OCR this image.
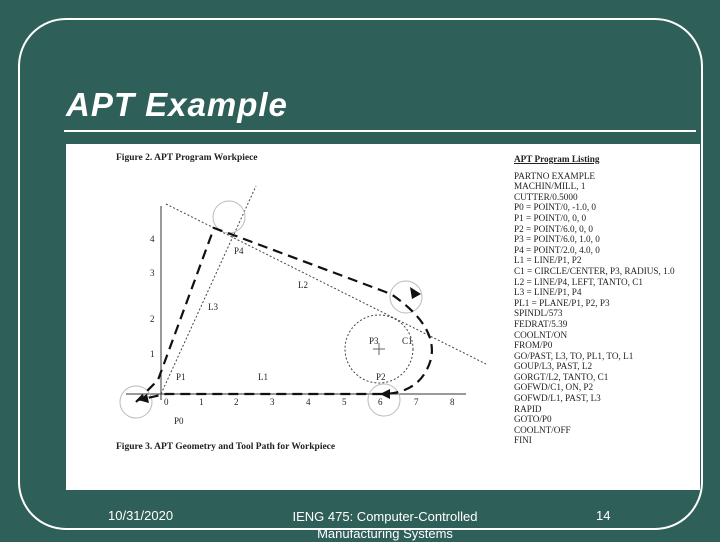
APT Example
Figure 2. APT Program Workpiece
Figure 3. APT Geometry and Tool Path for Workpiece
0	1	2	3	4	5	6	7	8
1
2
3
4
P0
P1	P2
P3
P4
L1
L2
L3
C1
APT Program Listing
PARTNO EXAMPLE
MACHIN/MILL, 1
CUTTER/0.5000
P0 = POINT/0, -1.0, 0
P1 = POINT/0, 0, 0
P2 = POINT/6.0, 0, 0
P3 = POINT/6.0, 1.0, 0
P4 = POINT/2.0, 4.0, 0
L1 = LINE/P1, P2
C1 = CIRCLE/CENTER, P3, RADIUS, 1.0
L2 = LINE/P4, LEFT, TANTO, C1
L3 = LINE/P1, P4
PL1 = PLANE/P1, P2, P3
SPINDL/573
FEDRAT/5.39
COOLNT/ON
FROM/P0
GO/PAST, L3, TO, PL1, TO, L1
GOUP/L3, PAST, L2
GORGT/L2, TANTO, C1
GOFWD/C1, ON, P2
GOFWD/L1, PAST, L3
RAPID
GOTO/P0
COOLNT/OFF
FINI
10/31/2020	IENG 475: Computer-Controlled
Manufacturing Systems
14
